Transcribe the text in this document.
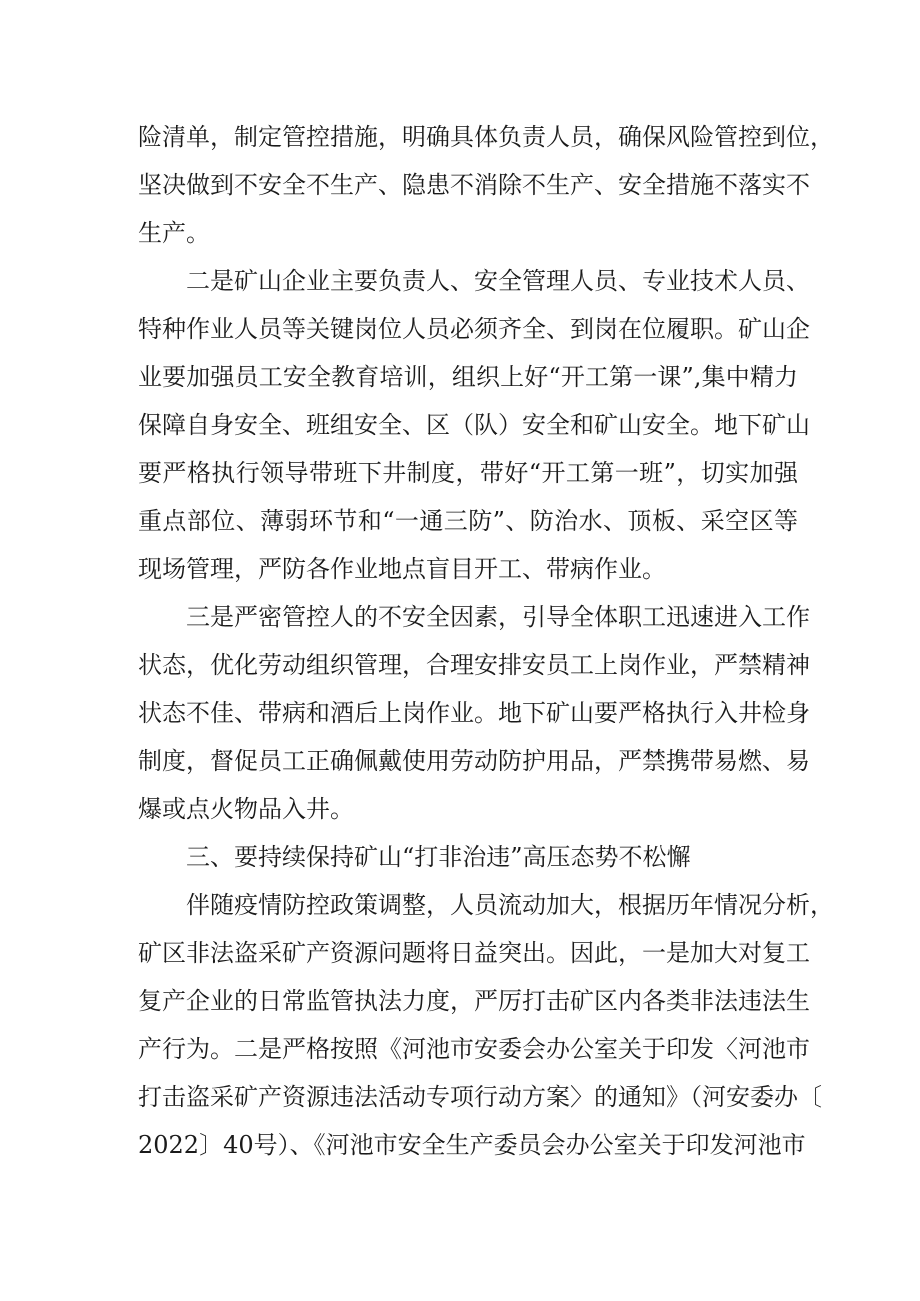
险清单，制定管控措施，明确具体负责人员，确保风险管控到位，
坚决做到不安全不生产、隐患不消除不生产、安全措施不落实不
生产。
二是矿山企业主要负责人、安全管理人员、专业技术人员、
特种作业人员等关键岗位人员必须齐全、到岗在位履职。矿山企
业要加强员工安全教育培训，组织上好“开工第一课”,集中精力
保障自身安全、班组安全、区（队）安全和矿山安全。地下矿山
要严格执行领导带班下井制度，带好“开工第一班”，切实加强
重点部位、薄弱环节和“一通三防”、防治水、顶板、采空区等
现场管理，严防各作业地点盲目开工、带病作业。
三是严密管控人的不安全因素，引导全体职工迅速进入工作
状态，优化劳动组织管理，合理安排安员工上岗作业，严禁精神
状态不佳、带病和酒后上岗作业。地下矿山要严格执行入井检身
制度，督促员工正确佩戴使用劳动防护用品，严禁携带易燃、易
爆或点火物品入井。
三、要持续保持矿山“打非治违”高压态势不松懈
伴随疫情防控政策调整，人员流动加大，根据历年情况分析，
矿区非法盗采矿产资源问题将日益突出。因此，一是加大对复工
复产企业的日常监管执法力度，严厉打击矿区内各类非法违法生
产行为。二是严格按照《河池市安委会办公室关于印发〈河池市
打击盗采矿产资源违法活动专项行动方案〉的通知》（河安委办〔
2022〕40号）、《河池市安全生产委员会办公室关于印发河池市
